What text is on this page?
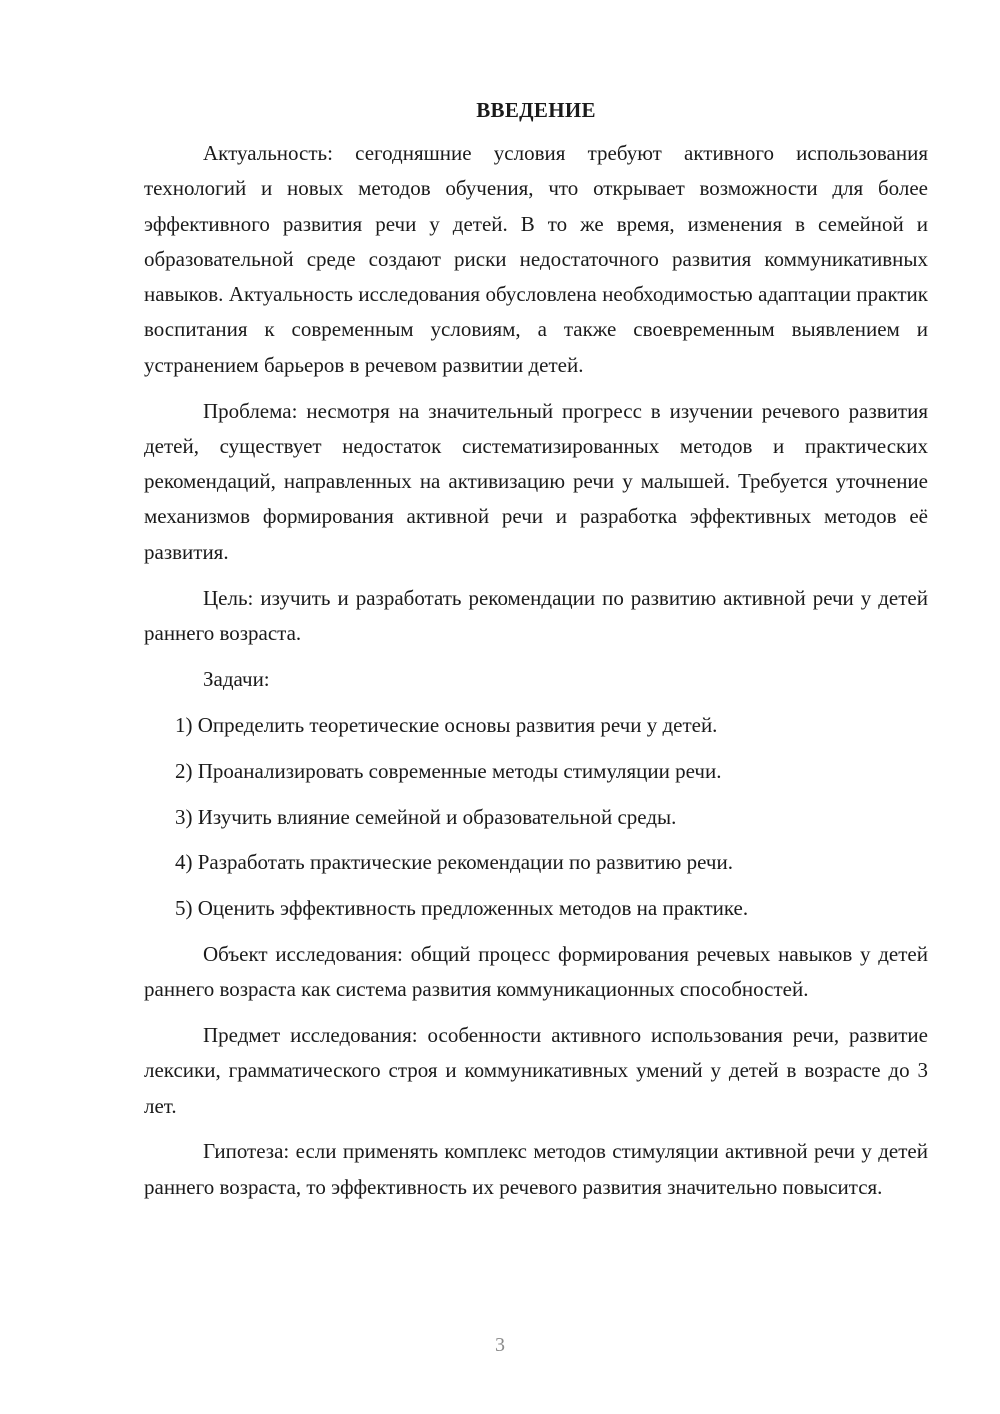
ВВЕДЕНИЕ

Актуальность: сегодняшние условия требуют активного использования технологий и новых методов обучения, что открывает возможности для более эффективного развития речи у детей. В то же время, изменения в семейной и образовательной среде создают риски недостаточного развития коммуникативных навыков. Актуальность исследования обусловлена необходимостью адаптации практик воспитания к современным условиям, а также своевременным выявлением и устранением барьеров в речевом развитии детей.

Проблема: несмотря на значительный прогресс в изучении речевого развития детей, существует недостаток систематизированных методов и практических рекомендаций, направленных на активизацию речи у малышей. Требуется уточнение механизмов формирования активной речи и разработка эффективных методов её развития.

Цель: изучить и разработать рекомендации по развитию активной речи у детей раннего возраста.

Задачи:

1) Определить теоретические основы развития речи у детей.
2) Проанализировать современные методы стимуляции речи.
3) Изучить влияние семейной и образовательной среды.
4) Разработать практические рекомендации по развитию речи.
5) Оценить эффективность предложенных методов на практике.

Объект исследования: общий процесс формирования речевых навыков у детей раннего возраста как система развития коммуникационных способностей.

Предмет исследования: особенности активного использования речи, развитие лексики, грамматического строя и коммуникативных умений у детей в возрасте до 3 лет.

Гипотеза: если применять комплекс методов стимуляции активной речи у детей раннего возраста, то эффективность их речевого развития значительно повысится.

3
